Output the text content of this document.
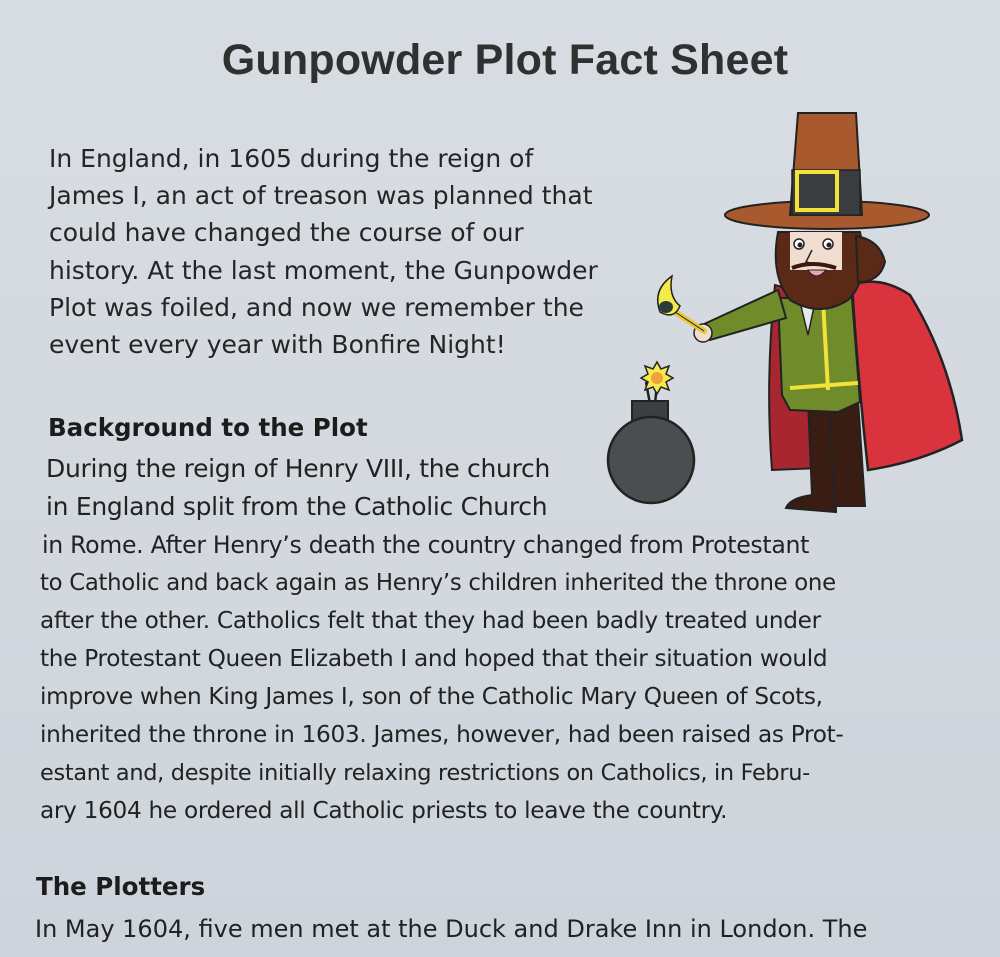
Gunpowder Plot Fact Sheet
In England, in 1605 during the reign of
James I, an act of treason was planned that
could have changed the course of our
history. At the last moment, the Gunpowder
Plot was foiled, and now we remember the
event every year with Bonfire Night!
Background to the Plot
During the reign of Henry VIII, the church
in England split from the Catholic Church
in Rome. After Henry’s death the country changed from Protestant
to Catholic and back again as Henry’s children inherited the throne one
after the other. Catholics felt that they had been badly treated under
the Protestant Queen Elizabeth I and hoped that their situation would
improve when King James I, son of the Catholic Mary Queen of Scots,
inherited the throne in 1603. James, however, had been raised as Prot-
estant and, despite initially relaxing restrictions on Catholics, in Febru-
ary 1604 he ordered all Catholic priests to leave the country.
The Plotters
In May 1604, five men met at the Duck and Drake Inn in London. The
